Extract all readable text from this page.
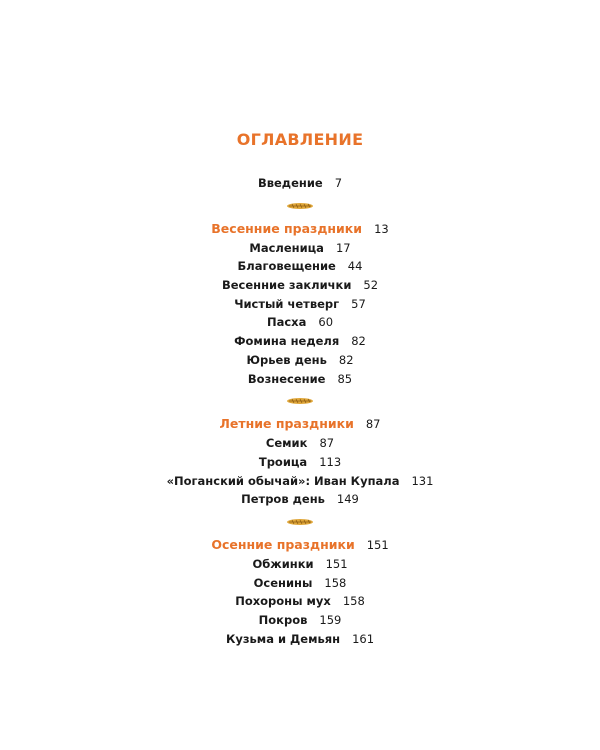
ОГЛАВЛЕНИЕ
Введение 7
Весенние праздники 13
Масленица 17
Благовещение 44
Весенние заклички 52
Чистый четверг 57
Пасха 60
Фомина неделя 82
Юрьев день 82
Вознесение 85
Летние праздники 87
Семик 87
Троица 113
«Поганский обычай»: Иван Купала 131
Петров день 149
Осенние праздники 151
Обжинки 151
Осенины 158
Похороны мух 158
Покров 159
Кузьма и Демьян 161
